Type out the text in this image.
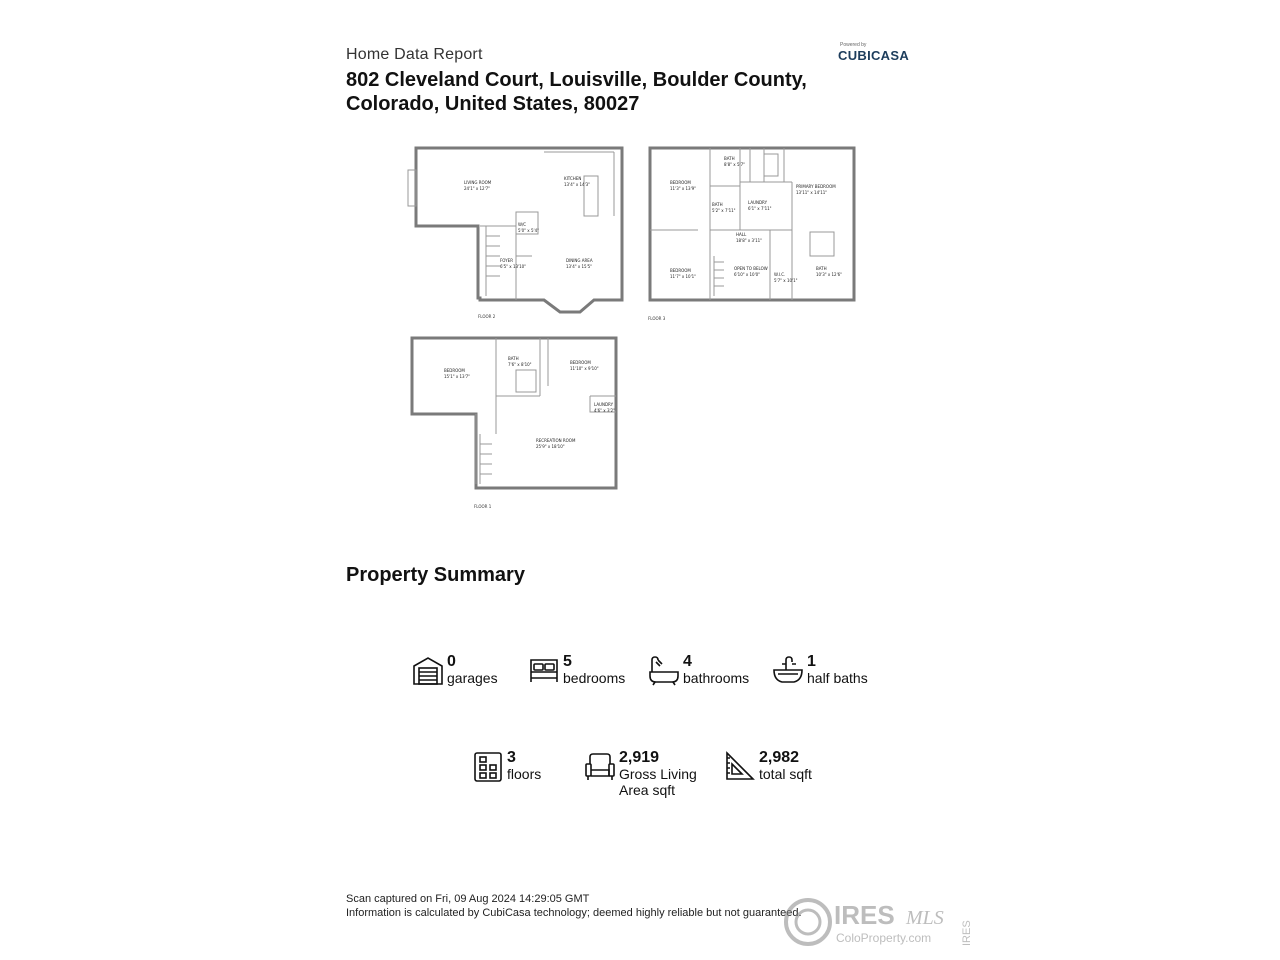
Home Data Report
802 Cleveland Court, Louisville, Boulder County,
Colorado, United States, 80027
Powered by
CUBICASA
LIVING ROOM
24'1" x 12'7"
KITCHEN
13'4" x 14'3"
W/C
5'0" x 5'4"
FOYER
6'5" x 13'10"
DINING AREA
13'4" x 15'5"
FLOOR 2
BATH
8'8" x 5'7"
BEDROOM
11'3" x 13'9"
BATH
5'2" x 7'11"
LAUNDRY
6'1" x 7'11"
PRIMARY BEDROOM
13'11" x 14'11"
HALL
18'8" x 3'11"
BEDROOM
11'7" x 10'1"
OPEN TO BELOW
6'10" x 10'0"	W.I.C.
5'7" x 10'1"
BATH
10'3" x 12'6"
FLOOR 3
BEDROOM
15'1" x 13'7"
BATH
7'6" x 8'10"	BEDROOM
11'10" x 9'10"
LAUNDRY
4'6" x 3'2"
RECREATION ROOM
25'9" x 18'10"
FLOOR 1
Property Summary
0
garages
5
bedrooms
4
bathrooms
1
half baths
3
floors
2,919
Gross Living
Area sqft
2,982
total sqft
Scan captured on Fri, 09 Aug 2024 14:29:05 GMT
Information is calculated by CubiCasa technology; deemed highly reliable but not guaranteed. IRES MLS
ColoProperty.com	IRES
